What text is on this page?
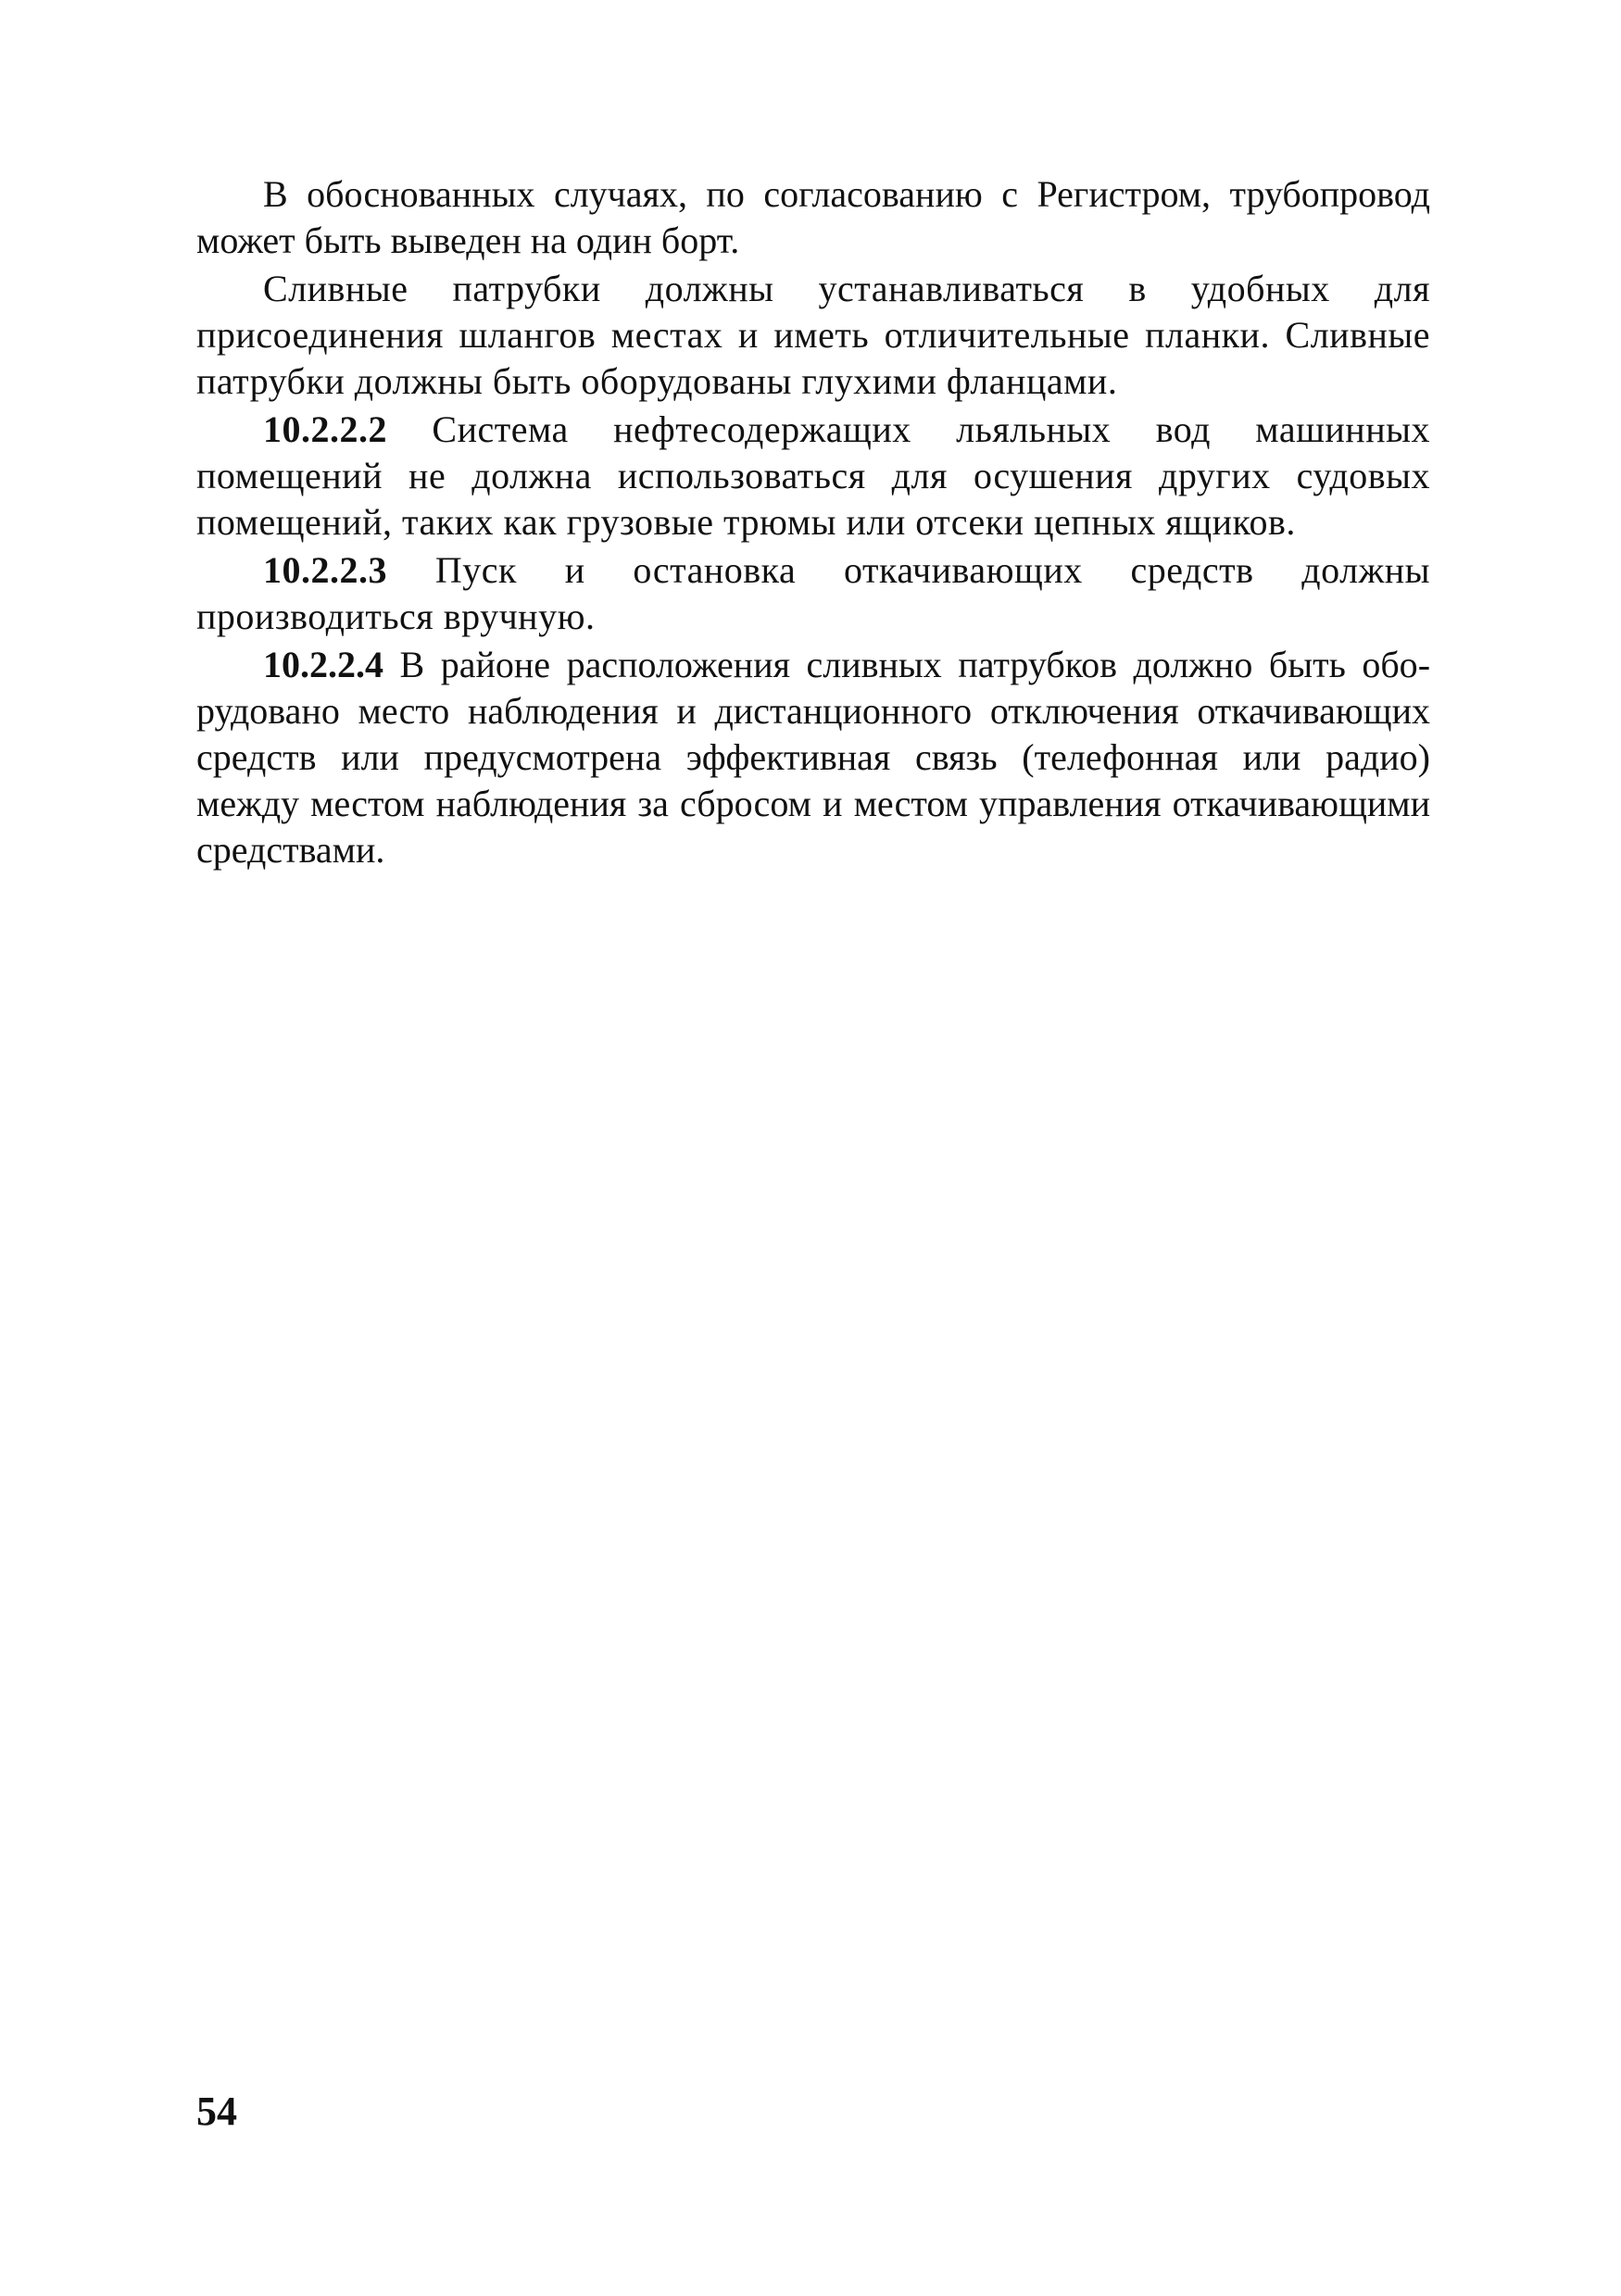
В обоснованных случаях, по согласованию с Регистром, трубопровод может быть выведен на один борт.

Сливные патрубки должны устанавливаться в удобных для присоединения шлангов местах и иметь отличительные планки. Сливные патрубки должны быть оборудованы глухими фланцами.

10.2.2.2 Система нефтесодержащих льяльных вод машинных помещений не должна использоваться для осушения других судовых помещений, таких как грузовые трюмы или отсеки цепных ящиков.

10.2.2.3 Пуск и остановка откачивающих средств должны производиться вручную.

10.2.2.4 В районе расположения сливных патрубков должно быть оборудовано место наблюдения и дистанционного отключения откачивающих средств или предусмотрена эффективная связь (телефонная или радио) между местом наблюдения за сбросом и местом управления откачивающими средствами.

54
